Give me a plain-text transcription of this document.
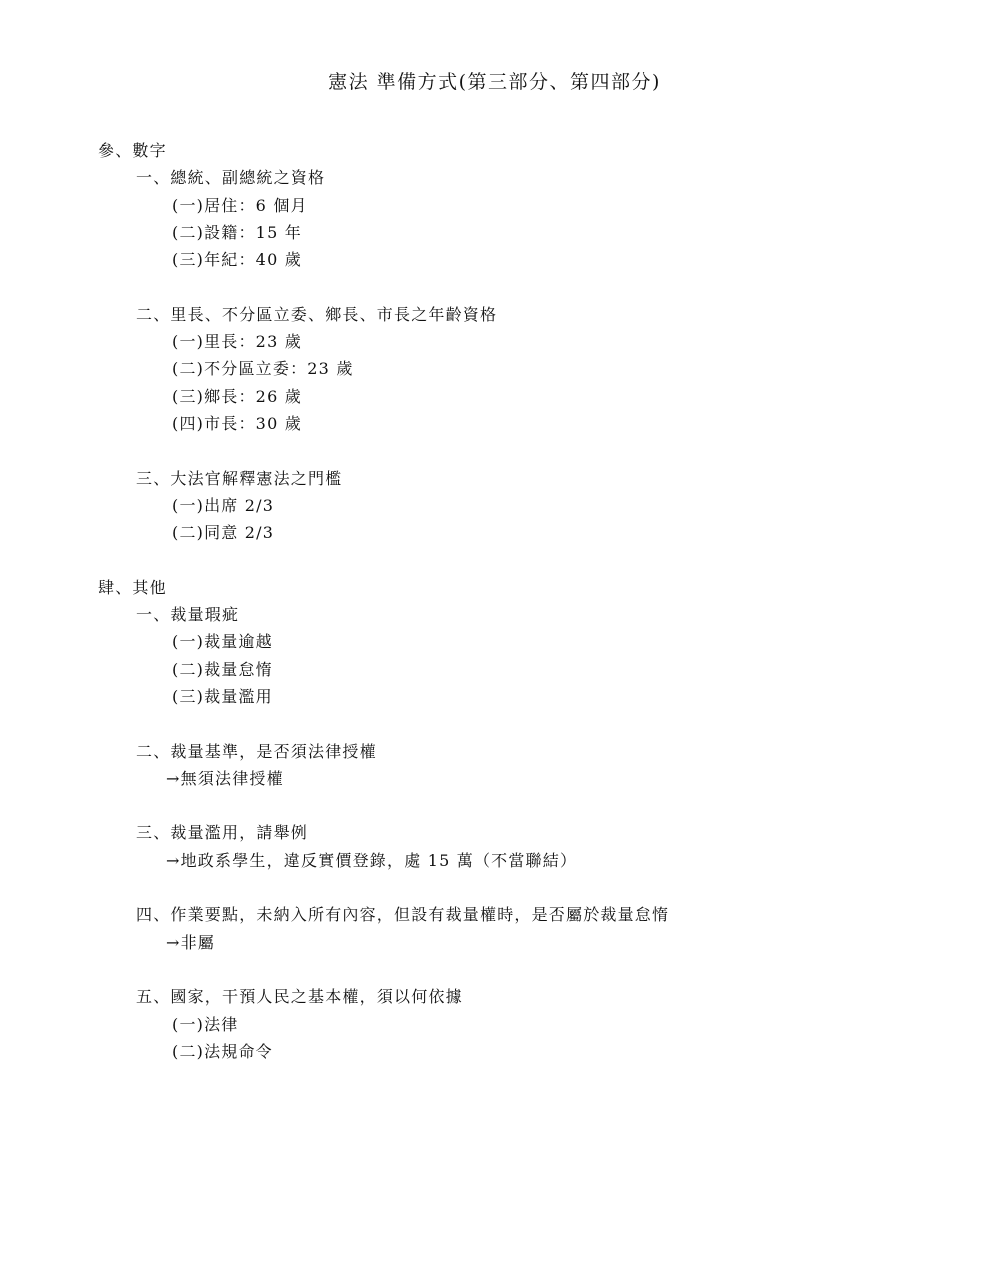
憲法 準備方式(第三部分、第四部分)
參、數字
一、總統、副總統之資格
(一)居住：6 個月
(二)設籍：15 年
(三)年紀：40 歲
二、里長、不分區立委、鄉長、市長之年齡資格
(一)里長：23 歲
(二)不分區立委：23 歲
(三)鄉長：26 歲
(四)市長：30 歲
三、大法官解釋憲法之門檻
(一)出席 2/3
(二)同意 2/3
肆、其他
一、裁量瑕疵
(一)裁量逾越
(二)裁量怠惰
(三)裁量濫用
二、裁量基準，是否須法律授權
→無須法律授權
三、裁量濫用，請舉例
→地政系學生，違反實價登錄，處 15 萬（不當聯結）
四、作業要點，未納入所有內容，但設有裁量權時，是否屬於裁量怠惰
→非屬
五、國家，干預人民之基本權，須以何依據
(一)法律
(二)法規命令
